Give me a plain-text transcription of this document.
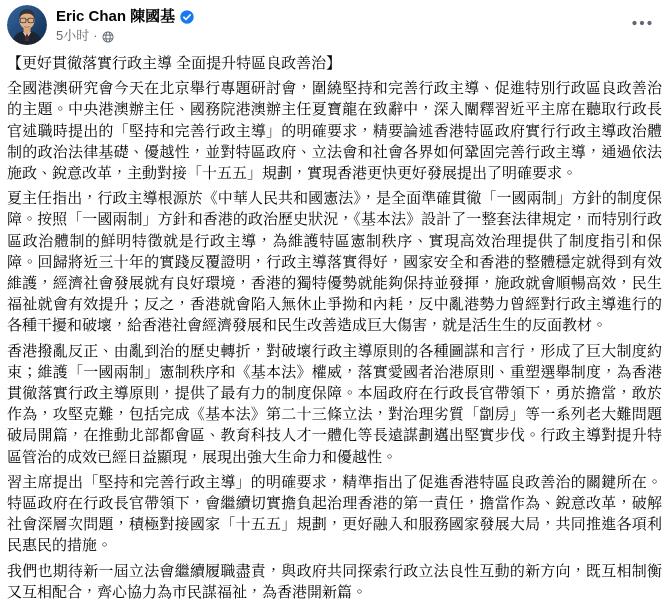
Eric Chan 陳國基
5小时 ·

【更好貫徹落實行政主導 全面提升特區良政善治】

全國港澳研究會今天在北京舉行專題研討會，圍繞堅持和完善行政主導、促進特別行政區良政善治的主題。中央港澳辦主任、國務院港澳辦主任夏寶龍在致辭中，深入闡釋習近平主席在聽取行政長官述職時提出的「堅持和完善行政主導」的明確要求，精要論述香港特區政府實行行政主導政治體制的政治法律基礎、優越性，並對特區政府、立法會和社會各界如何鞏固完善行政主導，通過依法施政、銳意改革，主動對接「十五五」規劃，實現香港更快更好發展提出了明確要求。

夏主任指出，行政主導根源於《中華人民共和國憲法》，是全面準確貫徹「一國兩制」方針的制度保障。按照「一國兩制」方針和香港的政治歷史狀況，《基本法》設計了一整套法律規定，而特別行政區政治體制的鮮明特徵就是行政主導，為維護特區憲制秩序、實現高效治理提供了制度指引和保障。回歸將近三十年的實踐反覆證明，行政主導落實得好，國家安全和香港的整體穩定就得到有效維護，經濟社會發展就有良好環境，香港的獨特優勢就能夠保持並發揮，施政就會順暢高效，民生福祉就會有效提升；反之，香港就會陷入無休止爭拗和內耗，反中亂港勢力曾經對行政主導進行的各種干擾和破壞，給香港社會經濟發展和民生改善造成巨大傷害，就是活生生的反面教材。

香港撥亂反正、由亂到治的歷史轉折，對破壞行政主導原則的各種圖謀和言行，形成了巨大制度約束；維護「一國兩制」憲制秩序和《基本法》權威，落實愛國者治港原則、重塑選舉制度，為香港貫徹落實行政主導原則，提供了最有力的制度保障。本屆政府在行政長官帶領下，勇於擔當，敢於作為，攻堅克難，包括完成《基本法》第二十三條立法，對治理劣質「劏房」等一系列老大難問題破局開篇，在推動北部都會區、教育科技人才一體化等長遠謀劃邁出堅實步伐。行政主導對提升特區管治的成效已經日益顯現，展現出強大生命力和優越性。

習主席提出「堅持和完善行政主導」的明確要求，精準指出了促進香港特區良政善治的關鍵所在。特區政府在行政長官帶領下，會繼續切實擔負起治理香港的第一責任，擔當作為、銳意改革，破解社會深層次問題，積極對接國家「十五五」規劃，更好融入和服務國家發展大局，共同推進各項利民惠民的措施。

我們也期待新一屆立法會繼續履職盡責，與政府共同探索行政立法良性互動的新方向，既互相制衡又互相配合，齊心協力為市民謀福祉，為香港開新篇。
